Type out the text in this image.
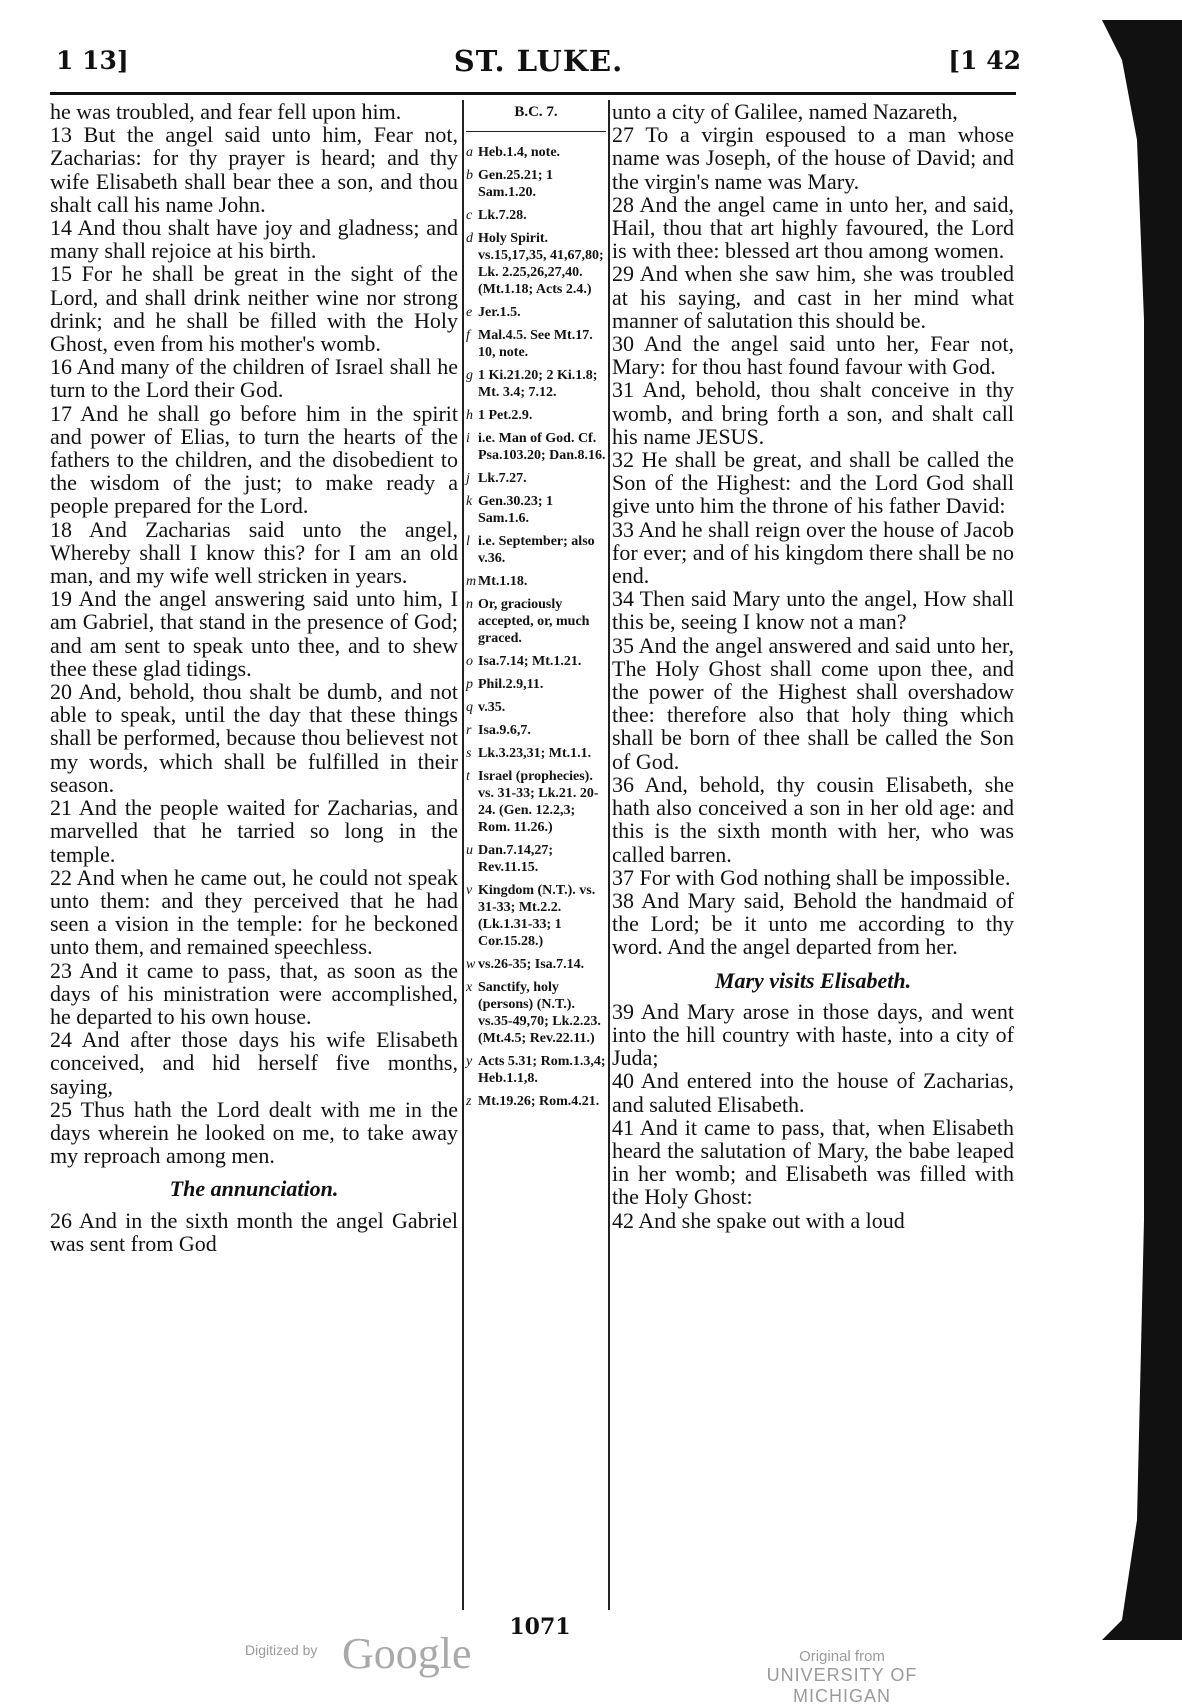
1 13]	ST. LUKE.	[1 42

he was troubled, and fear fell upon him.

13 But the angel said unto him, Fear not, Zacharias: for thy prayer is heard; and thy wife Elisabeth shall bear thee a son, and thou shalt call his name John.

14 And thou shalt have joy and gladness; and many shall rejoice at his birth.

15 For he shall be great in the sight of the Lord, and shall drink neither wine nor strong drink; and he shall be filled with the Holy Ghost, even from his mother's womb.

16 And many of the children of Israel shall he turn to the Lord their God.

17 And he shall go before him in the spirit and power of Elias, to turn the hearts of the fathers to the children, and the disobedient to the wisdom of the just; to make ready a people prepared for the Lord.

18 And Zacharias said unto the angel, Whereby shall I know this? for I am an old man, and my wife well stricken in years.

19 And the angel answering said unto him, I am Gabriel, that stand in the presence of God; and am sent to speak unto thee, and to shew thee these glad tidings.

20 And, behold, thou shalt be dumb, and not able to speak, until the day that these things shall be performed, because thou believest not my words, which shall be fulfilled in their season.

21 And the people waited for Zacharias, and marvelled that he tarried so long in the temple.

22 And when he came out, he could not speak unto them: and they perceived that he had seen a vision in the temple: for he beckoned unto them, and remained speechless.

23 And it came to pass, that, as soon as the days of his ministration were accomplished, he departed to his own house.

24 And after those days his wife Elisabeth conceived, and hid herself five months, saying,

25 Thus hath the Lord dealt with me in the days wherein he looked on me, to take away my reproach among men.

The annunciation.

26 And in the sixth month the angel Gabriel was sent from God

B.C. 7.
a Heb.1.4, note.
b Gen.25.21; 1 Sam.1.20.
c Lk.7.28.
d Holy Spirit. vs.15,17,35, 41,67,80; Lk. 2.25,26,27,40. (Mt.1.18; Acts 2.4.)
e Jer.1.5.
f Mal.4.5. See Mt.17. 10, note.
g 1 Ki.21.20; 2 Ki.1.8; Mt. 3.4; 7.12.
h 1 Pet.2.9.
i i.e. Man of God. Cf. Psa.103.20; Dan.8.16.
j Lk.7.27.
k Gen.30.23; 1 Sam.1.6.
l i.e. September; also v.36.
m Mt.1.18.
n Or, graciously accepted, or, much graced.
o Isa.7.14; Mt.1.21.
p Phil.2.9,11.
q v.35.
r Isa.9.6,7.
s Lk.3.23,31; Mt.1.1.
t Israel (prophecies). vs. 31-33; Lk.21. 20-24. (Gen. 12.2,3; Rom. 11.26.)
u Dan.7.14,27; Rev.11.15.
v Kingdom (N.T.). vs. 31-33; Mt.2.2. (Lk.1.31-33; 1 Cor.15.28.)
w vs.26-35; Isa.7.14.
x Sanctify, holy (persons) (N.T.). vs.35-49,70; Lk.2.23. (Mt.4.5; Rev.22.11.)
y Acts 5.31; Rom.1.3,4; Heb.1.1,8.
z Mt.19.26; Rom.4.21.

unto a city of Galilee, named Nazareth,

27 To a virgin espoused to a man whose name was Joseph, of the house of David; and the virgin's name was Mary.

28 And the angel came in unto her, and said, Hail, thou that art highly favoured, the Lord is with thee: blessed art thou among women.

29 And when she saw him, she was troubled at his saying, and cast in her mind what manner of salutation this should be.

30 And the angel said unto her, Fear not, Mary: for thou hast found favour with God.

31 And, behold, thou shalt conceive in thy womb, and bring forth a son, and shalt call his name JESUS.

32 He shall be great, and shall be called the Son of the Highest: and the Lord God shall give unto him the throne of his father David:

33 And he shall reign over the house of Jacob for ever; and of his kingdom there shall be no end.

34 Then said Mary unto the angel, How shall this be, seeing I know not a man?

35 And the angel answered and said unto her, The Holy Ghost shall come upon thee, and the power of the Highest shall overshadow thee: therefore also that holy thing which shall be born of thee shall be called the Son of God.

36 And, behold, thy cousin Elisabeth, she hath also conceived a son in her old age: and this is the sixth month with her, who was called barren.

37 For with God nothing shall be impossible.

38 And Mary said, Behold the handmaid of the Lord; be it unto me according to thy word. And the angel departed from her.

Mary visits Elisabeth.

39 And Mary arose in those days, and went into the hill country with haste, into a city of Juda;

40 And entered into the house of Zacharias, and saluted Elisabeth.

41 And it came to pass, that, when Elisabeth heard the salutation of Mary, the babe leaped in her womb; and Elisabeth was filled with the Holy Ghost:

42 And she spake out with a loud

1071
Digitized by Google	Original from
UNIVERSITY OF MICHIGAN
